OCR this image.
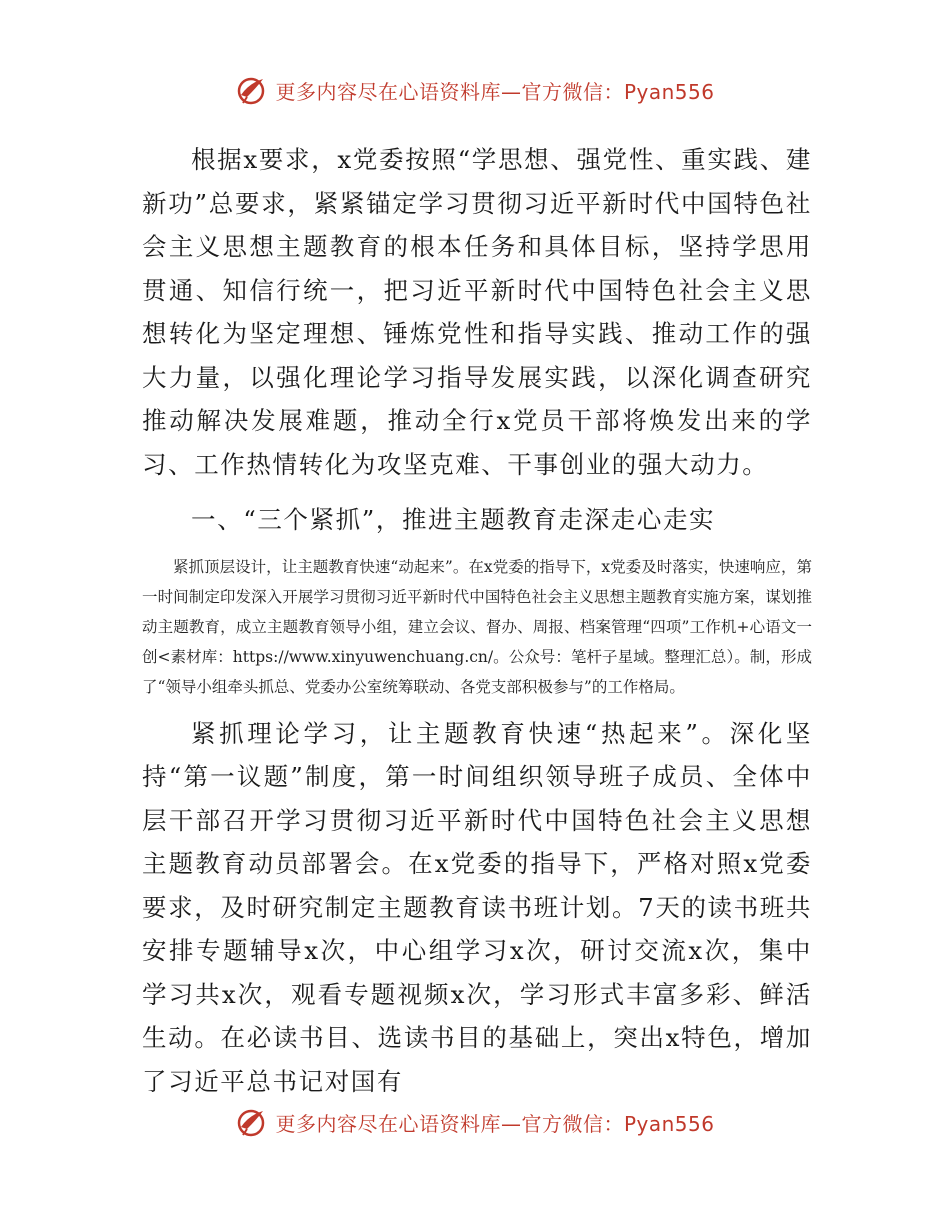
更多内容尽在心语资料库—官方微信：Pyan556

根据x要求，x党委按照“学思想、强党性、重实践、建新功”总要求，紧紧锚定学习贯彻习近平新时代中国特色社会主义思想主题教育的根本任务和具体目标，坚持学思用贯通、知信行统一，把习近平新时代中国特色社会主义思想转化为坚定理想、锤炼党性和指导实践、推动工作的强大力量，以强化理论学习指导发展实践，以深化调查研究推动解决发展难题，推动全行x党员干部将焕发出来的学习、工作热情转化为攻坚克难、干事创业的强大动力。

一、“三个紧抓”，推进主题教育走深走心走实

紧抓顶层设计，让主题教育快速“动起来”。在x党委的指导下，x党委及时落实，快速响应，第一时间制定印发深入开展学习贯彻习近平新时代中国特色社会主义思想主题教育实施方案，谋划推动主题教育，成立主题教育领导小组，建立会议、督办、周报、档案管理“四项”工作机+心语文一创<素材库：https://www.xinyuwenchuang.cn/。公众号：笔杆子星域。整理汇总）。制，形成了“领导小组牵头抓总、党委办公室统筹联动、各党支部积极参与”的工作格局。

紧抓理论学习，让主题教育快速“热起来”。深化坚持“第一议题”制度，第一时间组织领导班子成员、全体中层干部召开学习贯彻习近平新时代中国特色社会主义思想主题教育动员部署会。在x党委的指导下，严格对照x党委要求，及时研究制定主题教育读书班计划。7天的读书班共安排专题辅导x次，中心组学习x次，研讨交流x次，集中学习共x次，观看专题视频x次，学习形式丰富多彩、鲜活生动。在必读书目、选读书目的基础上，突出x特色，增加了习近平总书记对国有

更多内容尽在心语资料库—官方微信：Pyan556
